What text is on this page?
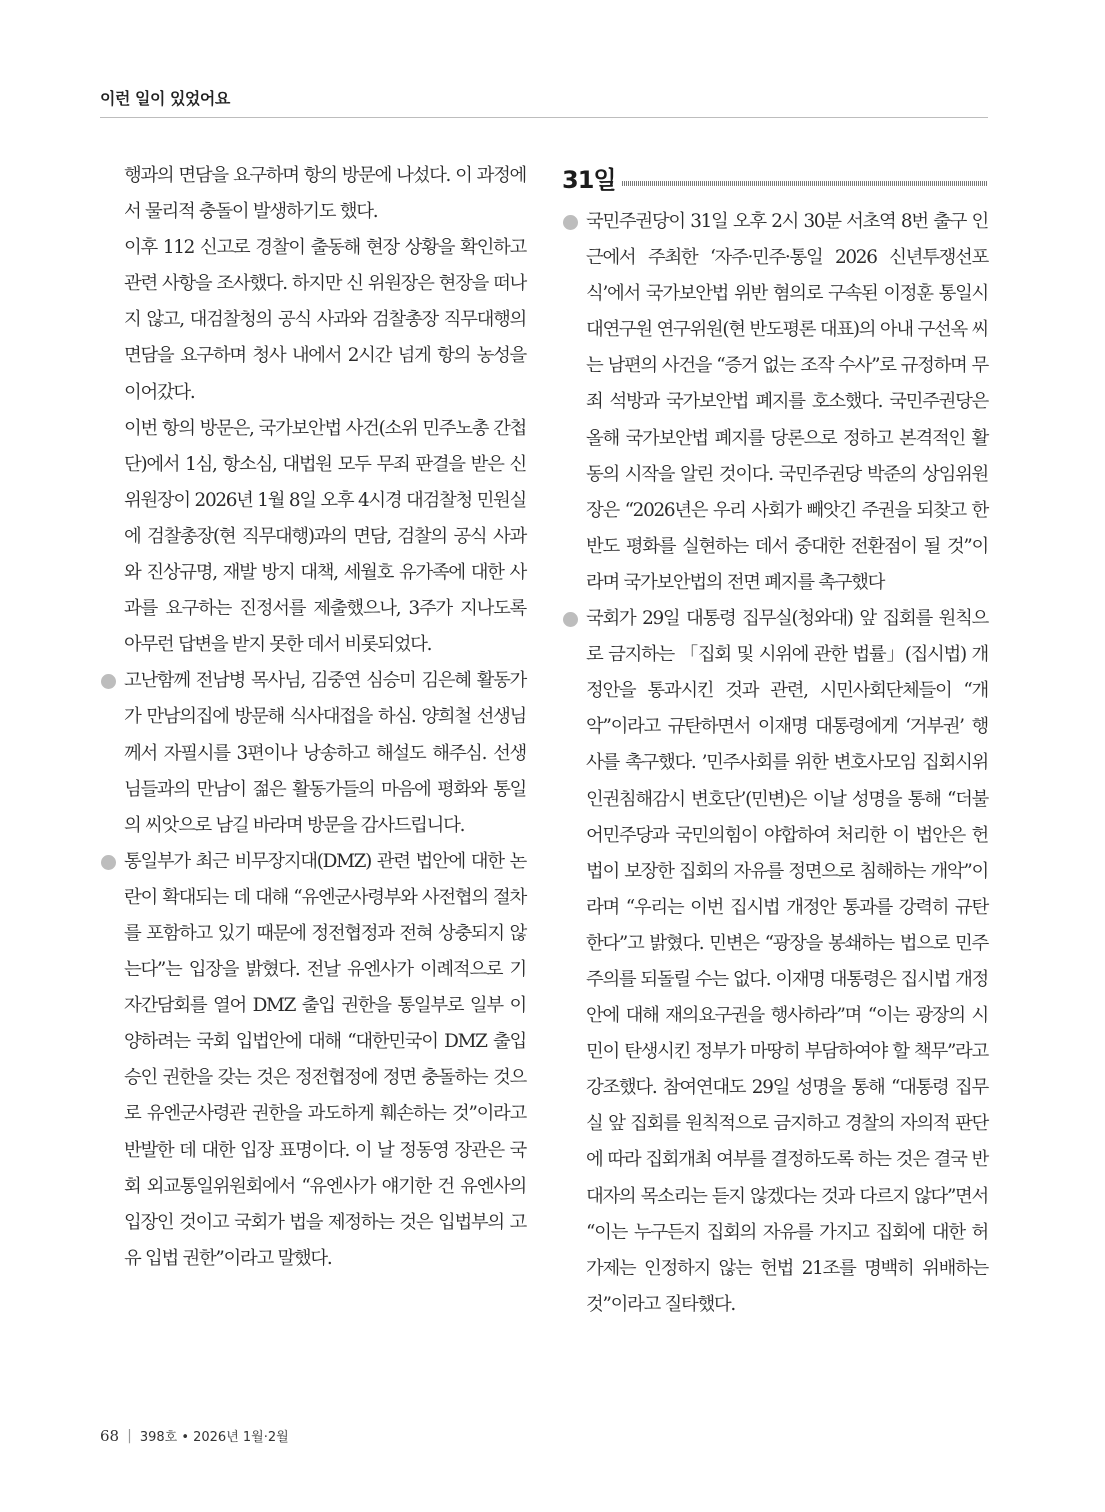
이런 일이 있었어요
행과의 면담을 요구하며 항의 방문에 나섰다. 이 과정에서 물리적 충돌이 발생하기도 했다.
이후 112 신고로 경찰이 출동해 현장 상황을 확인하고 관련 사항을 조사했다. 하지만 신 위원장은 현장을 떠나지 않고, 대검찰청의 공식 사과와 검찰총장 직무대행의 면담을 요구하며 청사 내에서 2시간 넘게 항의 농성을 이어갔다.
이번 항의 방문은, 국가보안법 사건(소위 민주노총 간첩단)에서 1심, 항소심, 대법원 모두 무죄 판결을 받은 신 위원장이 2026년 1월 8일 오후 4시경 대검찰청 민원실에 검찰총장(현 직무대행)과의 면담, 검찰의 공식 사과와 진상규명, 재발 방지 대책, 세월호 유가족에 대한 사과를 요구하는 진정서를 제출했으나, 3주가 지나도록 아무런 답변을 받지 못한 데서 비롯되었다.
고난함께 전남병 목사님, 김중연 심승미 김은혜 활동가가 만남의집에 방문해 식사대접을 하심. 양희철 선생님께서 자필시를 3편이나 낭송하고 해설도 해주심. 선생님들과의 만남이 젊은 활동가들의 마음에 평화와 통일의 씨앗으로 남길 바라며 방문을 감사드립니다.
통일부가 최근 비무장지대(DMZ) 관련 법안에 대한 논란이 확대되는 데 대해 “유엔군사령부와 사전협의 절차를 포함하고 있기 때문에 정전협정과 전혀 상충되지 않는다”는 입장을 밝혔다. 전날 유엔사가 이례적으로 기자간담회를 열어 DMZ 출입 권한을 통일부로 일부 이양하려는 국회 입법안에 대해 “대한민국이 DMZ 출입 승인 권한을 갖는 것은 정전협정에 정면 충돌하는 것으로 유엔군사령관 권한을 과도하게 훼손하는 것”이라고 반발한 데 대한 입장 표명이다. 이 날 정동영 장관은 국회 외교통일위원회에서 “유엔사가 얘기한 건 유엔사의 입장인 것이고 국회가 법을 제정하는 것은 입법부의 고유 입법 권한”이라고 말했다.
31일
국민주권당이 31일 오후 2시 30분 서초역 8번 출구 인근에서 주최한 ‘자주·민주·통일 2026 신년투쟁선포식’에서 국가보안법 위반 혐의로 구속된 이정훈 통일시대연구원 연구위원(현 반도평론 대표)의 아내 구선옥 씨는 남편의 사건을 “증거 없는 조작 수사”로 규정하며 무죄 석방과 국가보안법 폐지를 호소했다. 국민주권당은 올해 국가보안법 폐지를 당론으로 정하고 본격적인 활동의 시작을 알린 것이다. 국민주권당 박준의 상임위원장은 “2026년은 우리 사회가 빼앗긴 주권을 되찾고 한반도 평화를 실현하는 데서 중대한 전환점이 될 것”이라며 국가보안법의 전면 폐지를 촉구했다
국회가 29일 대통령 집무실(청와대) 앞 집회를 원칙으로 금지하는 「집회 및 시위에 관한 법률」(집시법) 개정안을 통과시킨 것과 관련, 시민사회단체들이 “개악”이라고 규탄하면서 이재명 대통령에게 ‘거부권’ 행사를 촉구했다. ’민주사회를 위한 변호사모임 집회시위 인권침해감시 변호단’(민변)은 이날 성명을 통해 “더불어민주당과 국민의힘이 야합하여 처리한 이 법안은 헌법이 보장한 집회의 자유를 정면으로 침해하는 개악”이라며 “우리는 이번 집시법 개정안 통과를 강력히 규탄한다”고 밝혔다. 민변은 “광장을 봉쇄하는 법으로 민주주의를 되돌릴 수는 없다. 이재명 대통령은 집시법 개정안에 대해 재의요구권을 행사하라”며 “이는 광장의 시민이 탄생시킨 정부가 마땅히 부담하여야 할 책무”라고 강조했다. 참여연대도 29일 성명을 통해 “대통령 집무실 앞 집회를 원칙적으로 금지하고 경찰의 자의적 판단에 따라 집회개최 여부를 결정하도록 하는 것은 결국 반대자의 목소리는 듣지 않겠다는 것과 다르지 않다”면서 “이는 누구든지 집회의 자유를 가지고 집회에 대한 허가제는 인정하지 않는 헌법 21조를 명백히 위배하는 것”이라고 질타했다.
68 | 398호 • 2026년 1월·2월
